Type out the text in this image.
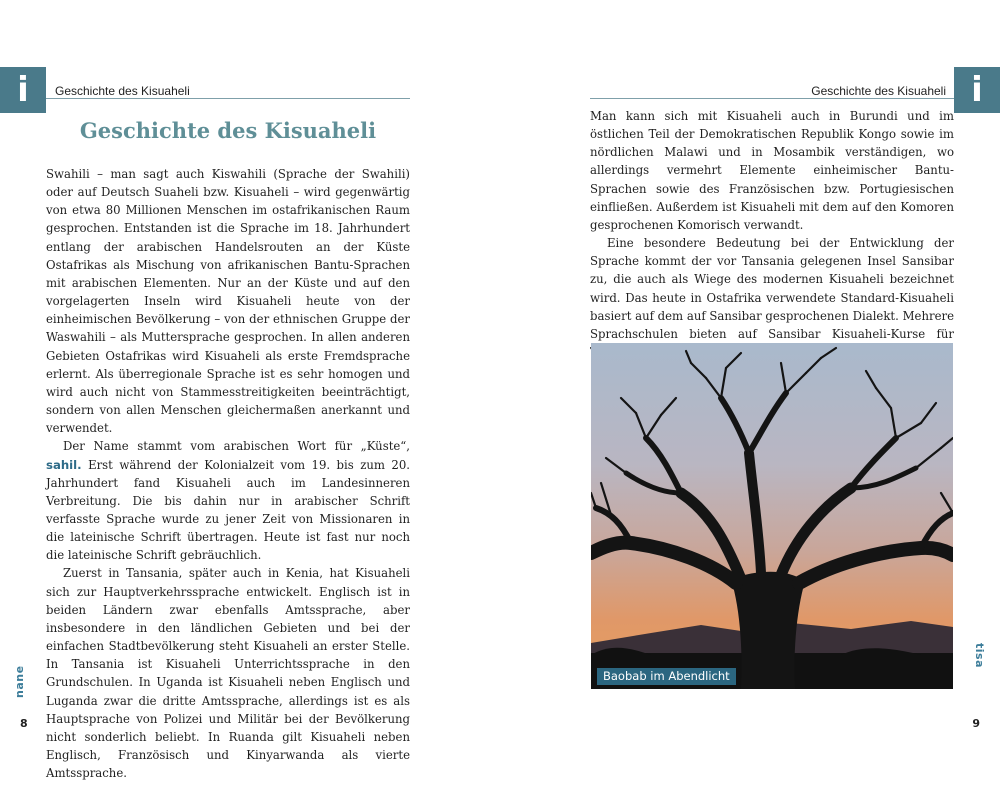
i	Geschichte des Kisuaheli
Geschichte des Kisuaheli

Swahili – man sagt auch Kiswahili (Sprache der Swahili) oder auf Deutsch Suaheli bzw. Kisuaheli – wird gegenwärtig von etwa 80 Millionen Menschen im ostafrikanischen Raum gesprochen. Entstanden ist die Sprache im 18. Jahrhundert entlang der arabischen Handelsrouten an der Küste Ostafrikas als Mischung von afrikanischen Bantu-Sprachen mit arabischen Elementen. Nur an der Küste und auf den vorgelagerten Inseln wird Kisuaheli heute von der einheimischen Bevölkerung – von der ethnischen Gruppe der Waswahili – als Muttersprache gesprochen. In allen anderen Gebieten Ostafrikas wird Kisuaheli als erste Fremdsprache erlernt. Als überregionale Sprache ist es sehr homogen und wird auch nicht von Stammesstreitigkeiten beeinträchtigt, sondern von allen Menschen gleichermaßen anerkannt und verwendet.

Der Name stammt vom arabischen Wort für „Küste“, sahil. Erst während der Kolonialzeit vom 19. bis zum 20. Jahrhundert fand Kisuaheli auch im Landesinneren Verbreitung. Die bis dahin nur in arabischer Schrift verfasste Sprache wurde zu jener Zeit von Missionaren in die lateinische Schrift übertragen. Heute ist fast nur noch die lateinische Schrift gebräuchlich.

Zuerst in Tansania, später auch in Kenia, hat Kisuaheli sich zur Hauptverkehrssprache entwickelt. Englisch ist in beiden Ländern zwar ebenfalls Amtssprache, aber insbesondere in den ländlichen Gebieten und bei der einfachen Stadtbevölkerung steht Kisuaheli an erster Stelle. In Tansania ist Kisuaheli Unterrichtssprache in den Grundschulen. In Uganda ist Kisuaheli neben Englisch und Luganda zwar die dritte Amtssprache, allerdings ist es als Hauptsprache von Polizei und Militär bei der Bevölkerung nicht sonderlich beliebt. In Ruanda gilt Kisuaheli neben Englisch, Französisch und Kinyarwanda als vierte Amtssprache.

nane
8
i
Geschichte des Kisuaheli

Man kann sich mit Kisuaheli auch in Burundi und im östlichen Teil der Demokratischen Republik Kongo sowie im nördlichen Malawi und in Mosambik verständigen, wo allerdings vermehrt Elemente einheimischer Bantu-Sprachen sowie des Französischen bzw. Portugiesischen einfließen. Außerdem ist Kisuaheli mit dem auf den Komoren gesprochenen Komorisch verwandt.

Eine besondere Bedeutung bei der Entwicklung der Sprache kommt der vor Tansania gelegenen Insel Sansibar zu, die auch als Wiege des modernen Kisuaheli bezeichnet wird. Das heute in Ostafrika verwendete Standard-Kisuaheli basiert auf dem auf Sansibar gesprochenen Dialekt. Mehrere Sprachschulen bieten auf Sansibar Kisuaheli-Kurse für

Baobab im Abendlicht
tisa
9
